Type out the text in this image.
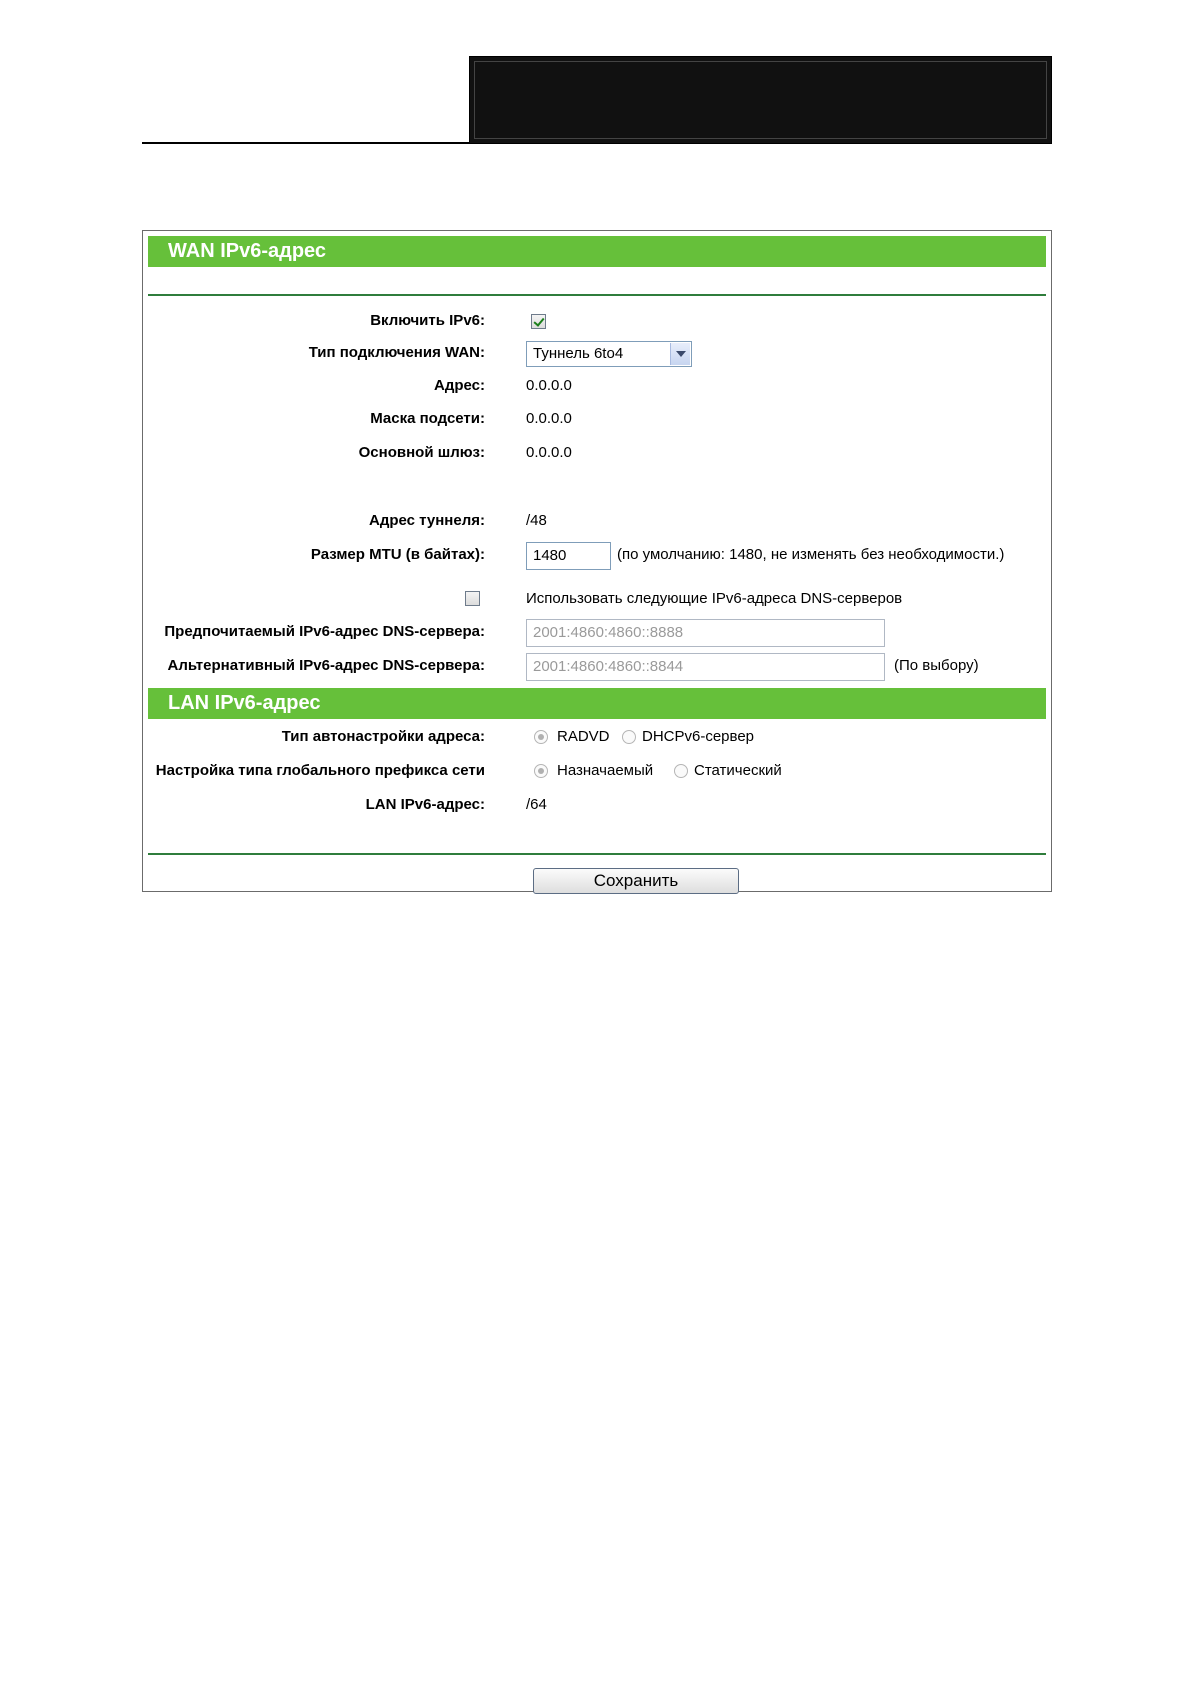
WAN IPv6-адрес
Включить IPv6:
Тип подключения WAN:	Туннель 6to4
Адрес:	0.0.0.0
Маска подсети:	0.0.0.0
Основной шлюз:	0.0.0.0
Адрес туннеля:	/48
Размер MTU (в байтах):	1480	(по умолчанию: 1480, не изменять без необходимости.)
Использовать следующие IPv6-адреса DNS-серверов
Предпочитаемый IPv6-адрес DNS-сервера:	2001:4860:4860::8888
Альтернативный IPv6-адрес DNS-сервера:	2001:4860:4860::8844	(По выбору)
LAN IPv6-адрес
Тип автонастройки адреса:	RADVD DHCPv6-сервер
Настройка типа глобального префикса сети	Назначаемый	Статический
LAN IPv6-адрес:	/64
Сохранить
